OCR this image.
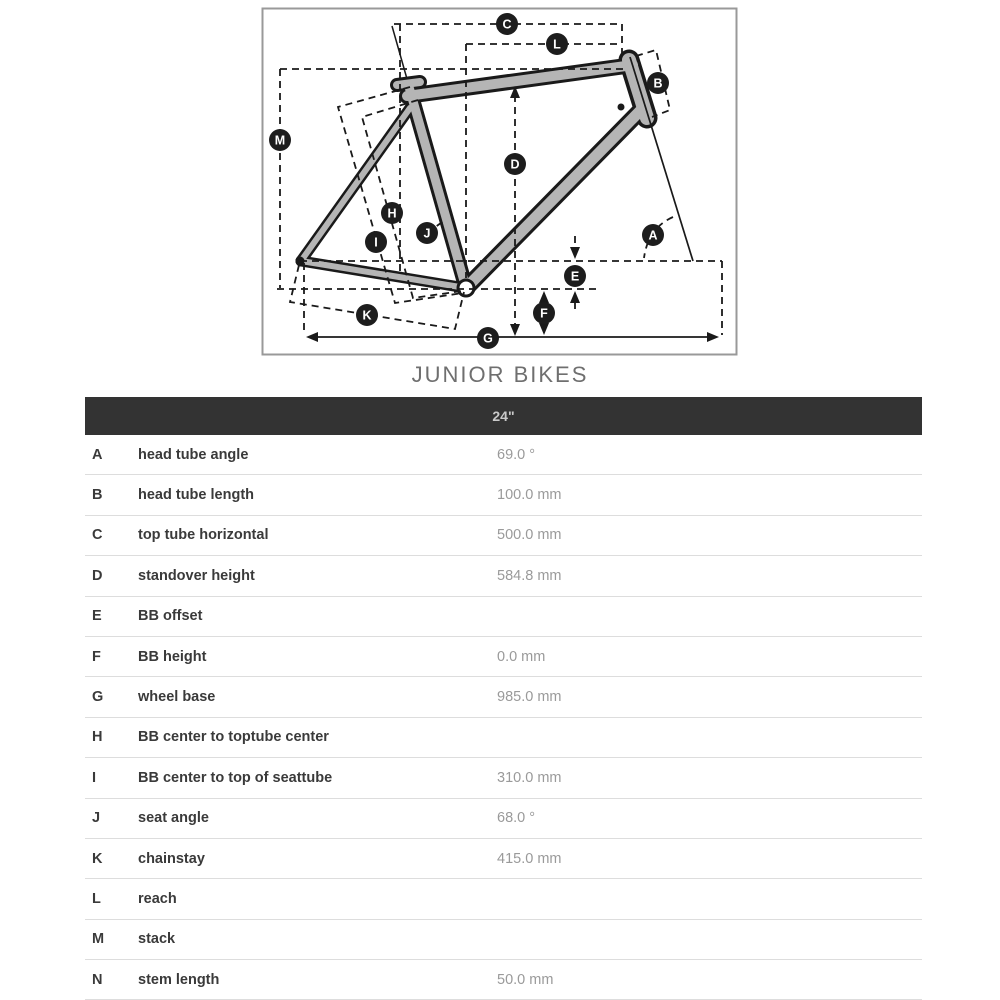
A
B
C
D
E
F
G
H
I
J
K
L
M
JUNIOR BIKES
24"
A	head tube angle	69.0 °
B	head tube length	100.0 mm
C	top tube horizontal	500.0 mm
D	standover height	584.8 mm
E	BB offset
F	BB height	0.0 mm
G	wheel base	985.0 mm
H	BB center to toptube center
I	BB center to top of seattube	310.0 mm
J	seat angle	68.0 °
K	chainstay	415.0 mm
L	reach
M	stack
N	stem length	50.0 mm
